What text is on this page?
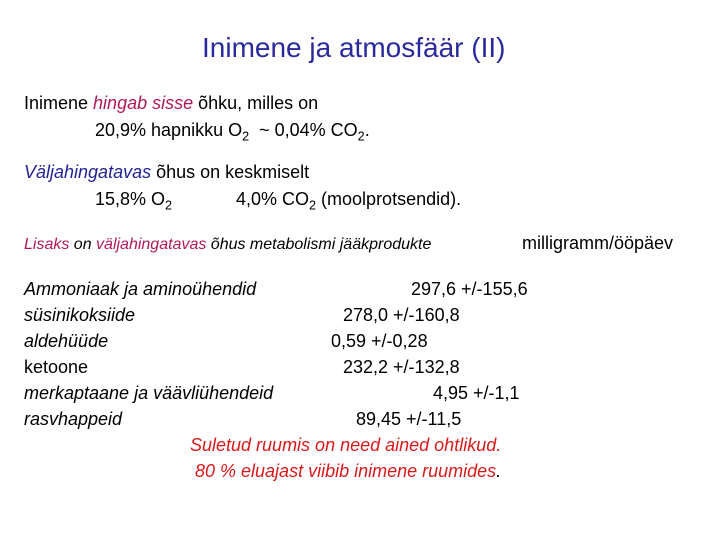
Inimene ja atmosfäär (II)
Inimene hingab sisse õhku, milles on
20,9% hapnikku $O_2$  ~ 0,04% $CO_2$.
Väljahingatavas õhus on keskmiselt
15,8% $O_2$	4,0% $CO_2$ (moolprotsendid).
Lisaks on väljahingatavas õhus metabolismi jääkprodukte	milligramm/ööpäev
Ammoniaak ja aminoühendid	297,6 +/-155,6
süsinikoksiide	278,0 +/-160,8
aldehüüde	0,59 +/-0,28
ketoone	232,2 +/-132,8
merkaptaane ja väävliühendeid	4,95 +/-1,1
rasvhappeid	89,45 +/-11,5
Suletud ruumis on need ained ohtlikud.
80 % eluajast viibib inimene ruumides.
